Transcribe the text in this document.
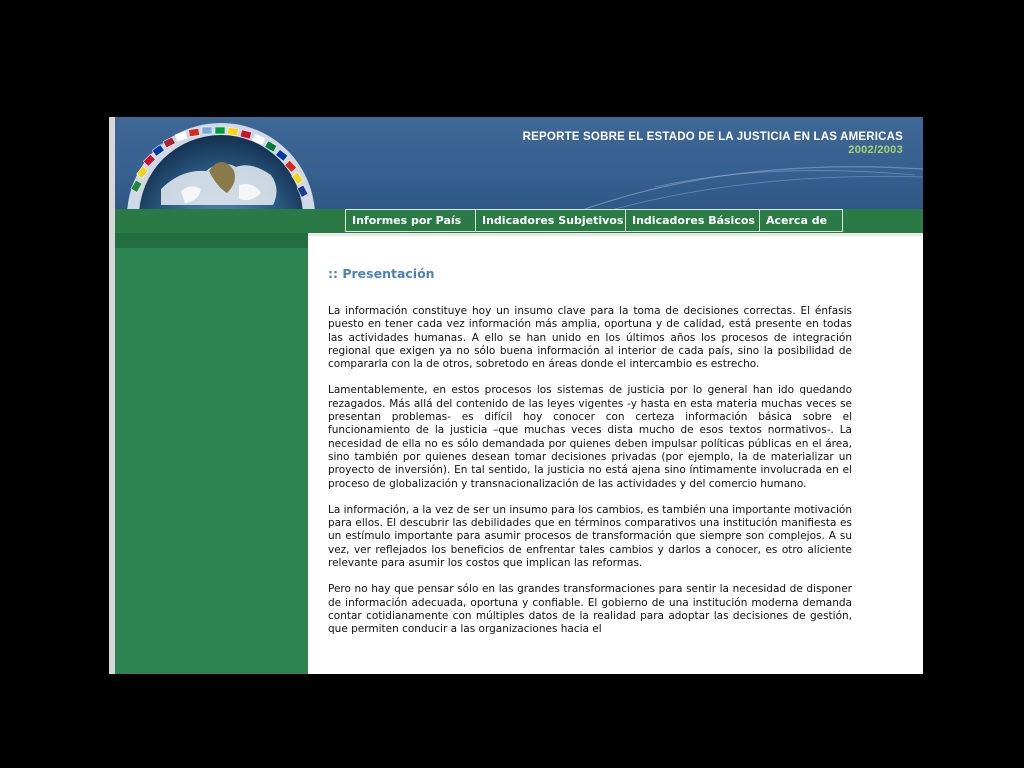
REPORTE SOBRE EL ESTADO DE LA JUSTICIA EN LAS AMERICAS
2002/2003
Informes por País	Indicadores Subjetivos Indicadores Básicos	Acerca de
:: Presentación

La información constituye hoy un insumo clave para la toma de decisiones correctas. El énfasis puesto en tener cada vez información más amplia, oportuna y de calidad, está presente en todas las actividades humanas. A ello se han unido en los últimos años los procesos de integración regional que exigen ya no sólo buena información al interior de cada país, sino la posibilidad de compararla con la de otros, sobretodo en áreas donde el intercambio es estrecho.

Lamentablemente, en estos procesos los sistemas de justicia por lo general han ido quedando rezagados. Más allá del contenido de las leyes vigentes -y hasta en esta materia muchas veces se presentan problemas- es difícil hoy conocer con certeza información básica sobre el funcionamiento de la justicia –que muchas veces dista mucho de esos textos normativos-. La necesidad de ella no es sólo demandada por quienes deben impulsar políticas públicas en el área, sino también por quienes desean tomar decisiones privadas (por ejemplo, la de materializar un proyecto de inversión). En tal sentido, la justicia no está ajena sino íntimamente involucrada en el proceso de globalización y transnacionalización de las actividades y del comercio humano.

La información, a la vez de ser un insumo para los cambios, es también una importante motivación para ellos. El descubrir las debilidades que en términos comparativos una institución manifiesta es un estímulo importante para asumir procesos de transformación que siempre son complejos. A su vez, ver reflejados los beneficios de enfrentar tales cambios y darlos a conocer, es otro aliciente relevante para asumir los costos que implican las reformas.

Pero no hay que pensar sólo en las grandes transformaciones para sentir la necesidad de disponer de información adecuada, oportuna y confiable. El gobierno de una institución moderna demanda contar cotidianamente con múltiples datos de la realidad para adoptar las decisiones de gestión, que permiten conducir a las organizaciones hacia el
